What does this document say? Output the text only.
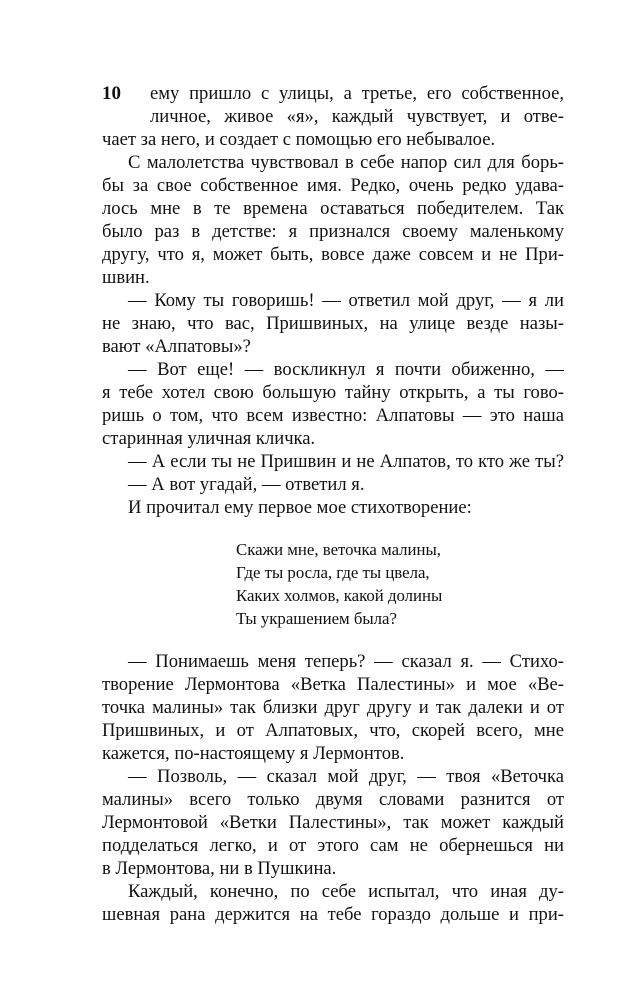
10	ему пришло с улицы, а третье, его собственное,
личное, живое «я», каждый чувствует, и отве-
чает за него, и создает с помощью его небывалое.
С малолетства чувствовал в себе напор сил для борь-
бы за свое собственное имя. Редко, очень редко удава-
лось мне в те времена оставаться победителем. Так
было раз в детстве: я признался своему маленькому
другу, что я, может быть, вовсе даже совсем и не При-
швин.
— Кому ты говоришь! — ответил мой друг, — я ли
не знаю, что вас, Пришвиных, на улице везде назы-
вают «Алпатовы»?
— Вот еще! — воскликнул я почти обиженно, —
я тебе хотел свою большую тайну открыть, а ты гово-
ришь о том, что всем известно: Алпатовы — это наша
старинная уличная кличка.
— А если ты не Пришвин и не Алпатов, то кто же ты?
— А вот угадай, — ответил я.
И прочитал ему первое мое стихотворение:
Скажи мне, веточка малины,
Где ты росла, где ты цвела,
Каких холмов, какой долины
Ты украшением была?
— Понимаешь меня теперь? — сказал я. — Стихо-
творение Лермонтова «Ветка Палестины» и мое «Ве-
точка малины» так близки друг другу и так далеки и от
Пришвиных, и от Алпатовых, что, скорей всего, мне
кажется, по-настоящему я Лермонтов.
— Позволь, — сказал мой друг, — твоя «Веточка
малины» всего только двумя словами разнится от
Лермонтовой «Ветки Палестины», так может каждый
подделаться легко, и от этого сам не обернешься ни
в Лермонтова, ни в Пушкина.
Каждый, конечно, по себе испытал, что иная ду-
шевная рана держится на тебе гораздо дольше и при-
